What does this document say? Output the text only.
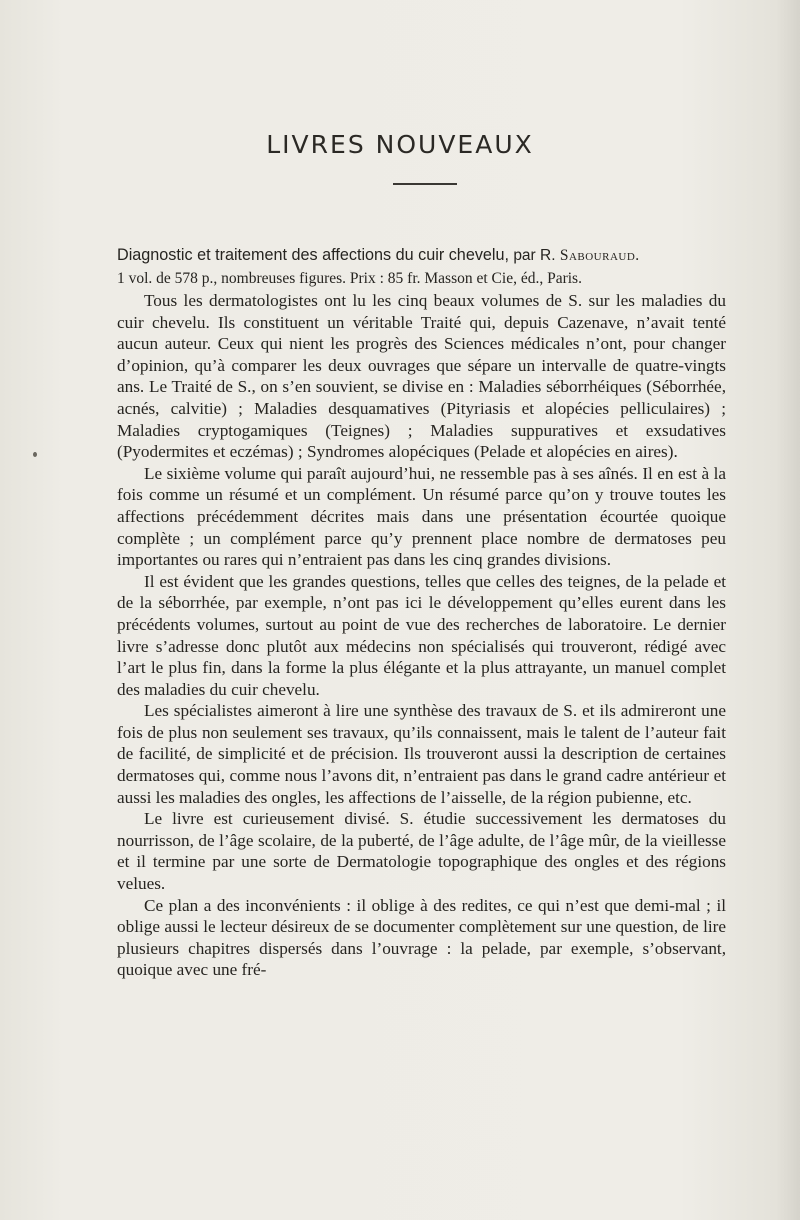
LIVRES NOUVEAUX
Diagnostic et traitement des affections du cuir chevelu, par R. Sabouraud.
1 vol. de 578 p., nombreuses figures. Prix : 85 fr. Masson et Cie, éd., Paris.

Tous les dermatologistes ont lu les cinq beaux volumes de S. sur les maladies du cuir chevelu. Ils constituent un véritable Traité qui, depuis Cazenave, n’avait tenté aucun auteur. Ceux qui nient les progrès des Sciences médicales n’ont, pour changer d’opinion, qu’à comparer les deux ouvrages que sépare un intervalle de quatre-vingts ans. Le Traité de S., on s’en souvient, se divise en : Maladies séborrhéiques (Séborrhée, acnés, calvitie) ; Maladies desquamatives (Pityriasis et alopécies pelliculaires) ; Maladies cryptogamiques (Teignes) ; Maladies suppuratives et exsudatives (Pyodermites et eczémas) ; Syndromes alopéciques (Pelade et alopécies en aires).

Le sixième volume qui paraît aujourd’hui, ne ressemble pas à ses aînés. Il en est à la fois comme un résumé et un complément. Un résumé parce qu’on y trouve toutes les affections précédemment décrites mais dans une présentation écourtée quoique complète ; un complément parce qu’y prennent place nombre de dermatoses peu importantes ou rares qui n’entraient pas dans les cinq grandes divisions.

Il est évident que les grandes questions, telles que celles des teignes, de la pelade et de la séborrhée, par exemple, n’ont pas ici le développement qu’elles eurent dans les précédents volumes, surtout au point de vue des recherches de laboratoire. Le dernier livre s’adresse donc plutôt aux médecins non spécialisés qui trouveront, rédigé avec l’art le plus fin, dans la forme la plus élégante et la plus attrayante, un manuel complet des maladies du cuir chevelu.

Les spécialistes aimeront à lire une synthèse des travaux de S. et ils admireront une fois de plus non seulement ses travaux, qu’ils connaissent, mais le talent de l’auteur fait de facilité, de simplicité et de précision. Ils trouveront aussi la description de certaines dermatoses qui, comme nous l’avons dit, n’entraient pas dans le grand cadre antérieur et aussi les maladies des ongles, les affections de l’aisselle, de la région pubienne, etc.

Le livre est curieusement divisé. S. étudie successivement les dermatoses du nourrisson, de l’âge scolaire, de la puberté, de l’âge adulte, de l’âge mûr, de la vieillesse et il termine par une sorte de Dermatologie topographique des ongles et des régions velues.

Ce plan a des inconvénients : il oblige à des redites, ce qui n’est que demi-mal ; il oblige aussi le lecteur désireux de se documenter complètement sur une question, de lire plusieurs chapitres dispersés dans l’ouvrage : la pelade, par exemple, s’observant, quoique avec une fré-
